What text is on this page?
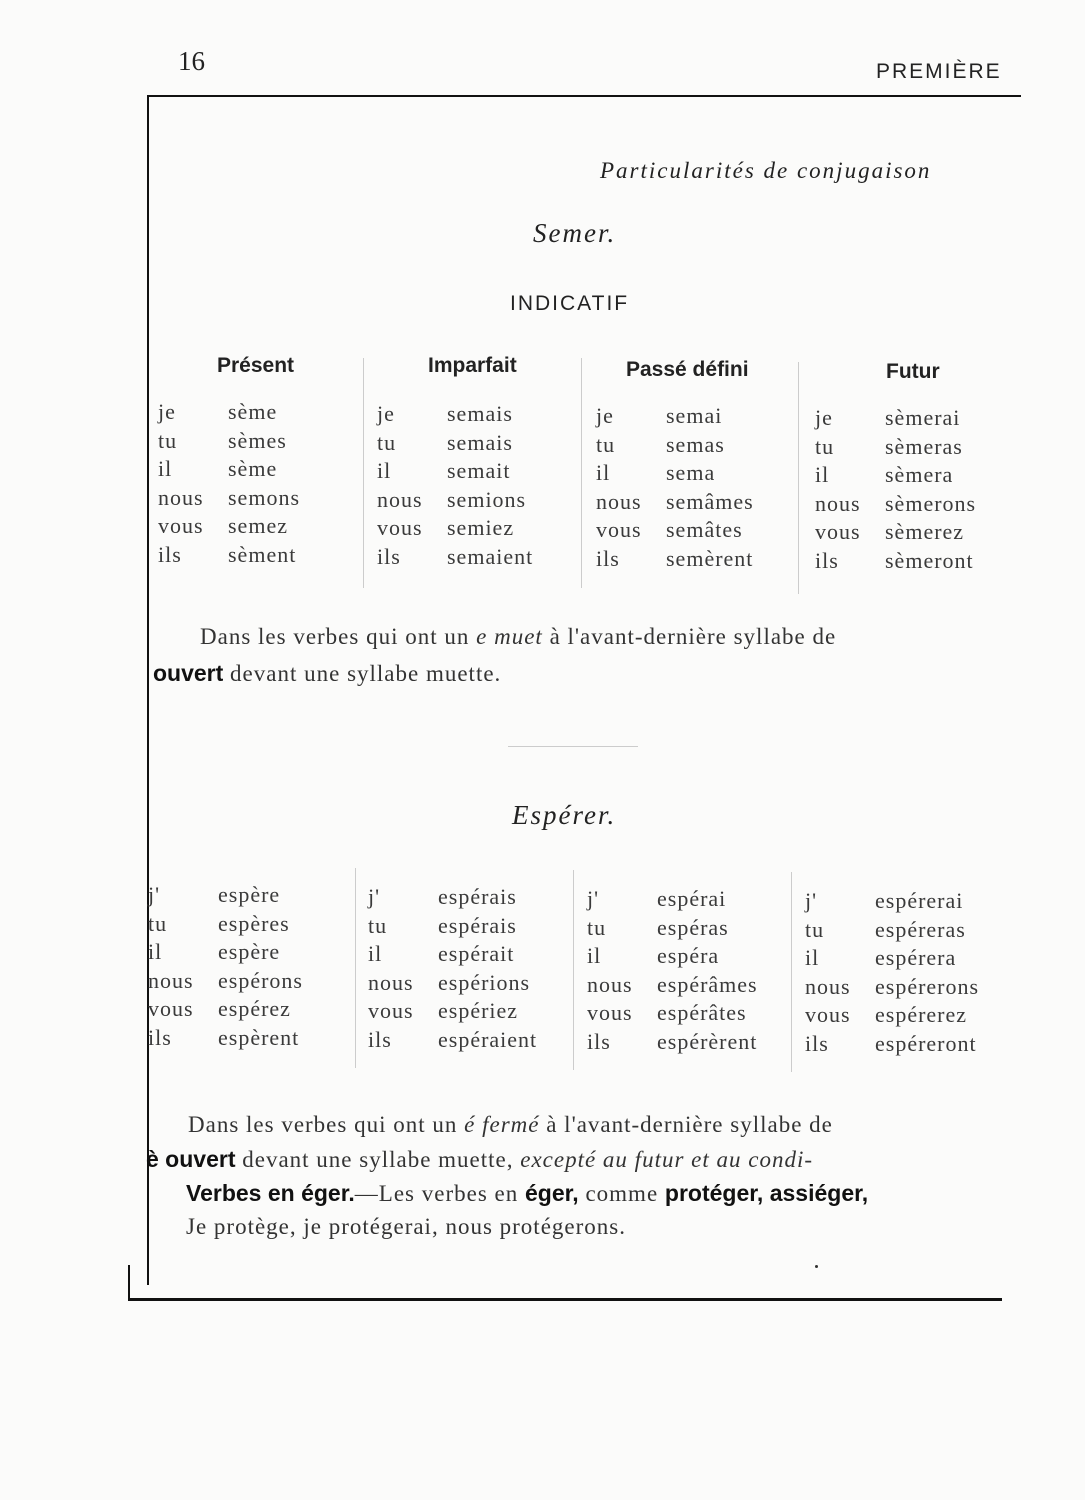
16	PREMIÈRE
Particularités de conjugaison
Semer.
INDICATIF
Présent	Imparfait	Passé défini	Futur
je sème
tu sèmes
il	sème
nous semons
vous semez
ils sèment
je semais
tu semais
il	semait
nous semions
vous semiez
ils semaient
je semai
tu semas
il	sema
nous semâmes
vous semâtes
ils semèrent
je sèmerai
tu sèmeras
il	sèmera
nous sèmerons
vous sèmerez
ils sèmeront
Dans les verbes qui ont un e muet à l'avant-dernière syllabe de
ouvert devant une syllabe muette.
Espérer.
j'	espère
tu espères
il	espère
nous espérons
vous espérez
ils espèrent
j'	espérais
tu espérais
il	espérait
nous espérions
vous espériez
ils espéraient
j'	espérai
tu espéras
il	espéra
nous espérâmes
vous espérâtes
ils espérèrent
j'	espérerai
tu espéreras
il	espérera
nous espérerons
vous espérerez
ils espéreront
Dans les verbes qui ont un é fermé à l'avant-dernière syllabe de
è ouvert devant une syllabe muette, excepté au futur et au condi-
Verbes en éger.—Les verbes en éger, comme protéger, assiéger,
Je protège, je protégerai, nous protégerons.
